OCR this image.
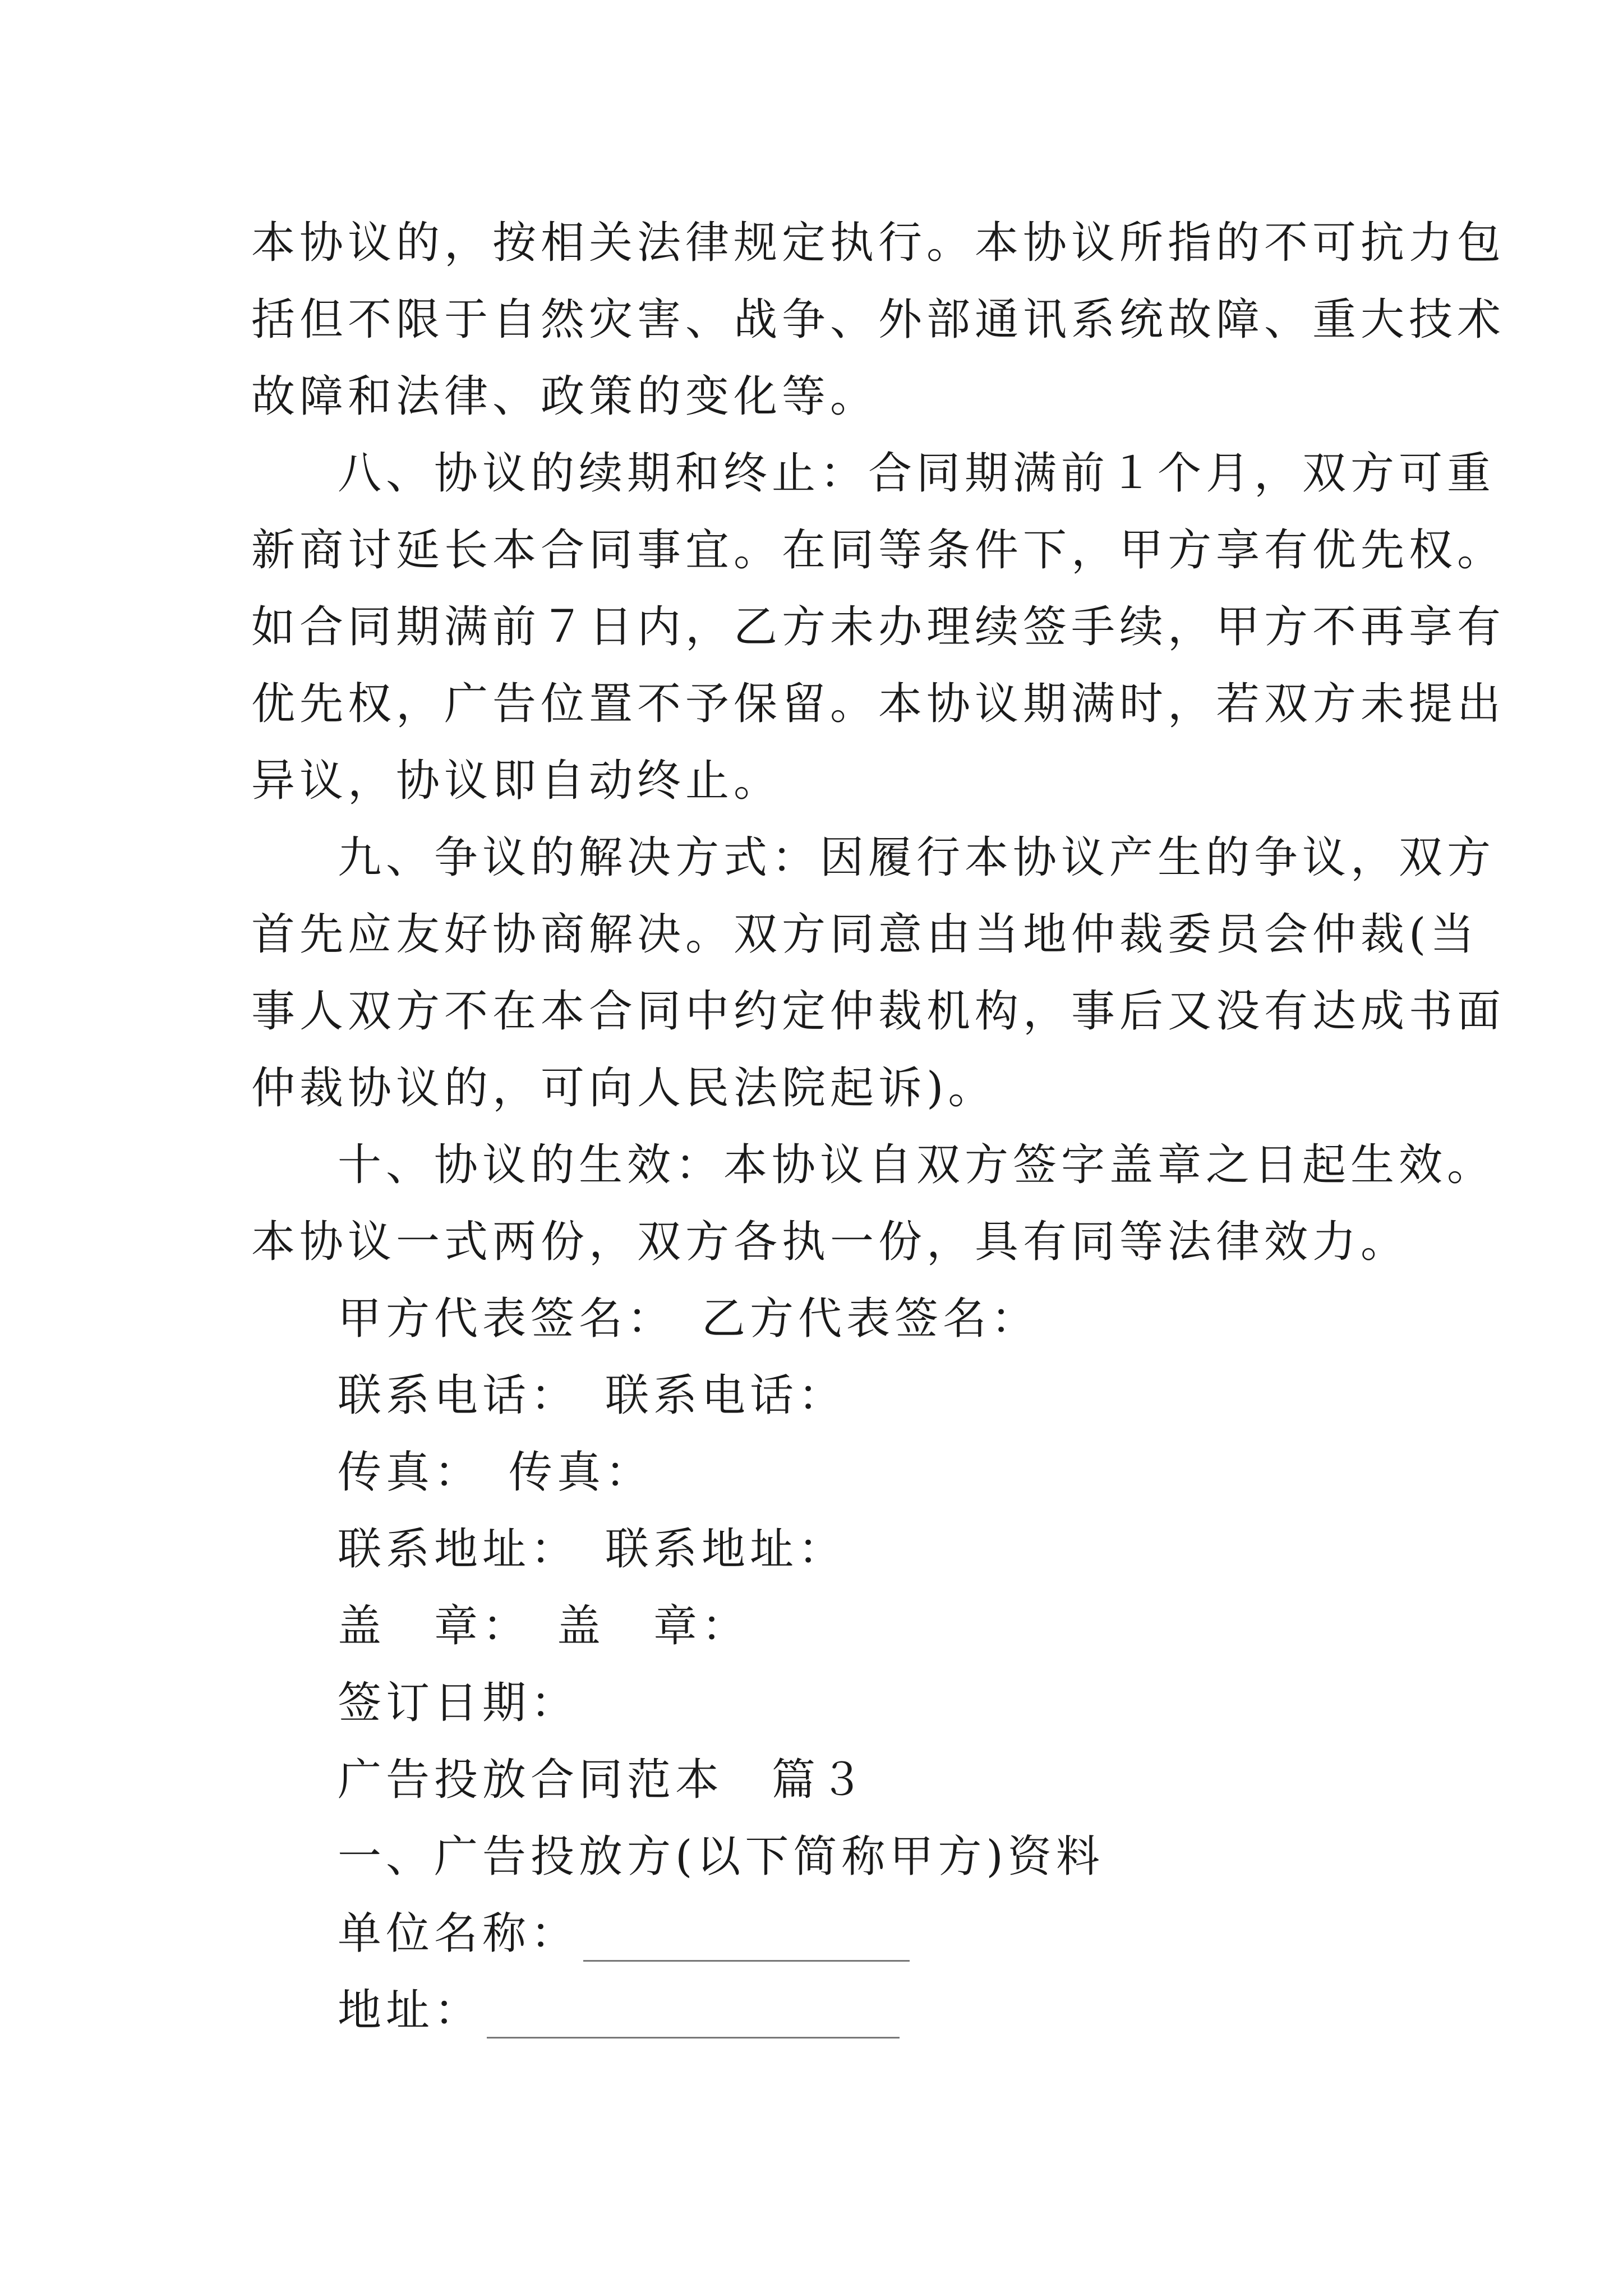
本协议的，按相关法律规定执行。本协议所指的不可抗力包
括但不限于自然灾害、战争、外部通讯系统故障、重大技术
故障和法律、政策的变化等。
八、协议的续期和终止：合同期满前１个月，双方可重
新商讨延长本合同事宜。在同等条件下，甲方享有优先权。
如合同期满前７日内，乙方未办理续签手续，甲方不再享有
优先权，广告位置不予保留。本协议期满时，若双方未提出
异议，协议即自动终止。
九、争议的解决方式：因履行本协议产生的争议，双方
首先应友好协商解决。双方同意由当地仲裁委员会仲裁(当
事人双方不在本合同中约定仲裁机构，事后又没有达成书面
仲裁协议的，可向人民法院起诉)。
十、协议的生效：本协议自双方签字盖章之日起生效。
本协议一式两份，双方各执一份，具有同等法律效力。
甲方代表签名：　乙方代表签名：
联系电话：　联系电话：
传真：　传真：
联系地址：　联系地址：
盖　章：　盖　章：
签订日期：
广告投放合同范本　篇３
一、广告投放方(以下简称甲方)资料
单位名称：
地址：
